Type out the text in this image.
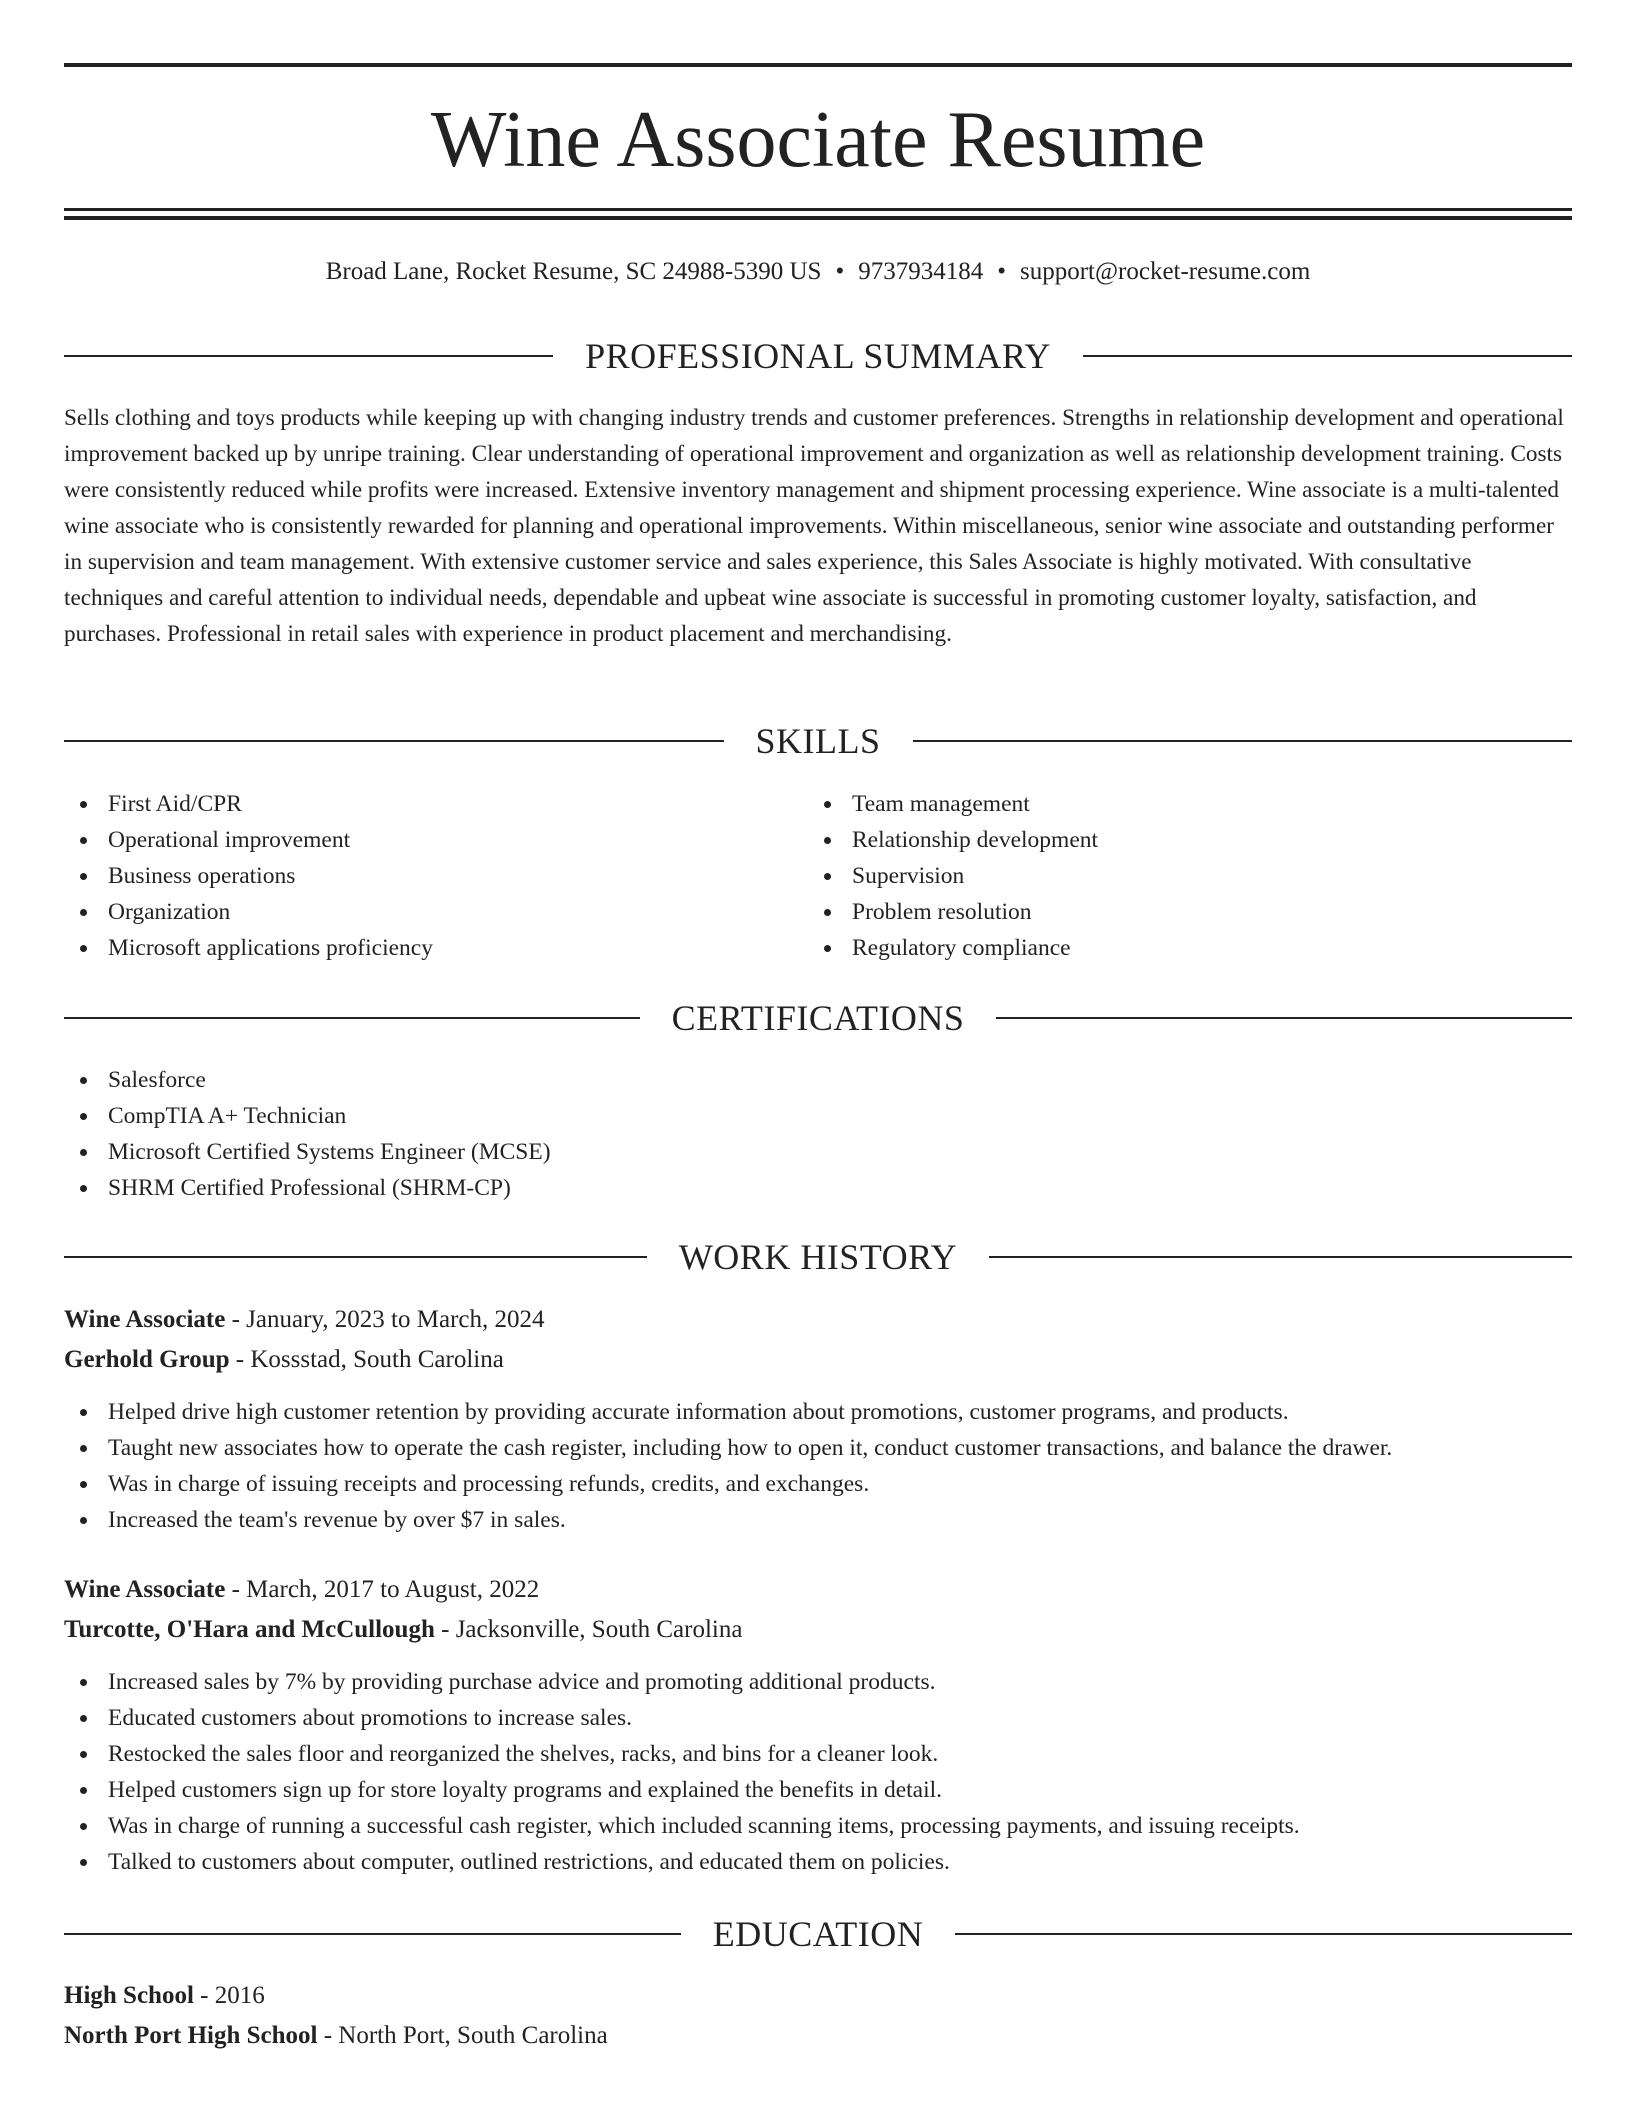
Wine Associate Resume
Broad Lane, Rocket Resume, SC 24988-5390 US • 9737934184 • support@rocket-resume.com
PROFESSIONAL SUMMARY
Sells clothing and toys products while keeping up with changing industry trends and customer preferences. Strengths in relationship development and operational improvement backed up by unripe training. Clear understanding of operational improvement and organization as well as relationship development training. Costs were consistently reduced while profits were increased. Extensive inventory management and shipment processing experience. Wine associate is a multi-talented wine associate who is consistently rewarded for planning and operational improvements. Within miscellaneous, senior wine associate and outstanding performer in supervision and team management. With extensive customer service and sales experience, this Sales Associate is highly motivated. With consultative techniques and careful attention to individual needs, dependable and upbeat wine associate is successful in promoting customer loyalty, satisfaction, and purchases. Professional in retail sales with experience in product placement and merchandising.
SKILLS
First Aid/CPR
Operational improvement
Business operations
Organization
Microsoft applications proficiency
Team management
Relationship development
Supervision
Problem resolution
Regulatory compliance
CERTIFICATIONS
Salesforce
CompTIA A+ Technician
Microsoft Certified Systems Engineer (MCSE)
SHRM Certified Professional (SHRM-CP)
WORK HISTORY
Wine Associate - January, 2023 to March, 2024
Gerhold Group - Kossstad, South Carolina
Helped drive high customer retention by providing accurate information about promotions, customer programs, and products.
Taught new associates how to operate the cash register, including how to open it, conduct customer transactions, and balance the drawer.
Was in charge of issuing receipts and processing refunds, credits, and exchanges.
Increased the team's revenue by over $7 in sales.
Wine Associate - March, 2017 to August, 2022
Turcotte, O'Hara and McCullough - Jacksonville, South Carolina
Increased sales by 7% by providing purchase advice and promoting additional products.
Educated customers about promotions to increase sales.
Restocked the sales floor and reorganized the shelves, racks, and bins for a cleaner look.
Helped customers sign up for store loyalty programs and explained the benefits in detail.
Was in charge of running a successful cash register, which included scanning items, processing payments, and issuing receipts.
Talked to customers about computer, outlined restrictions, and educated them on policies.
EDUCATION
High School - 2016
North Port High School - North Port, South Carolina
